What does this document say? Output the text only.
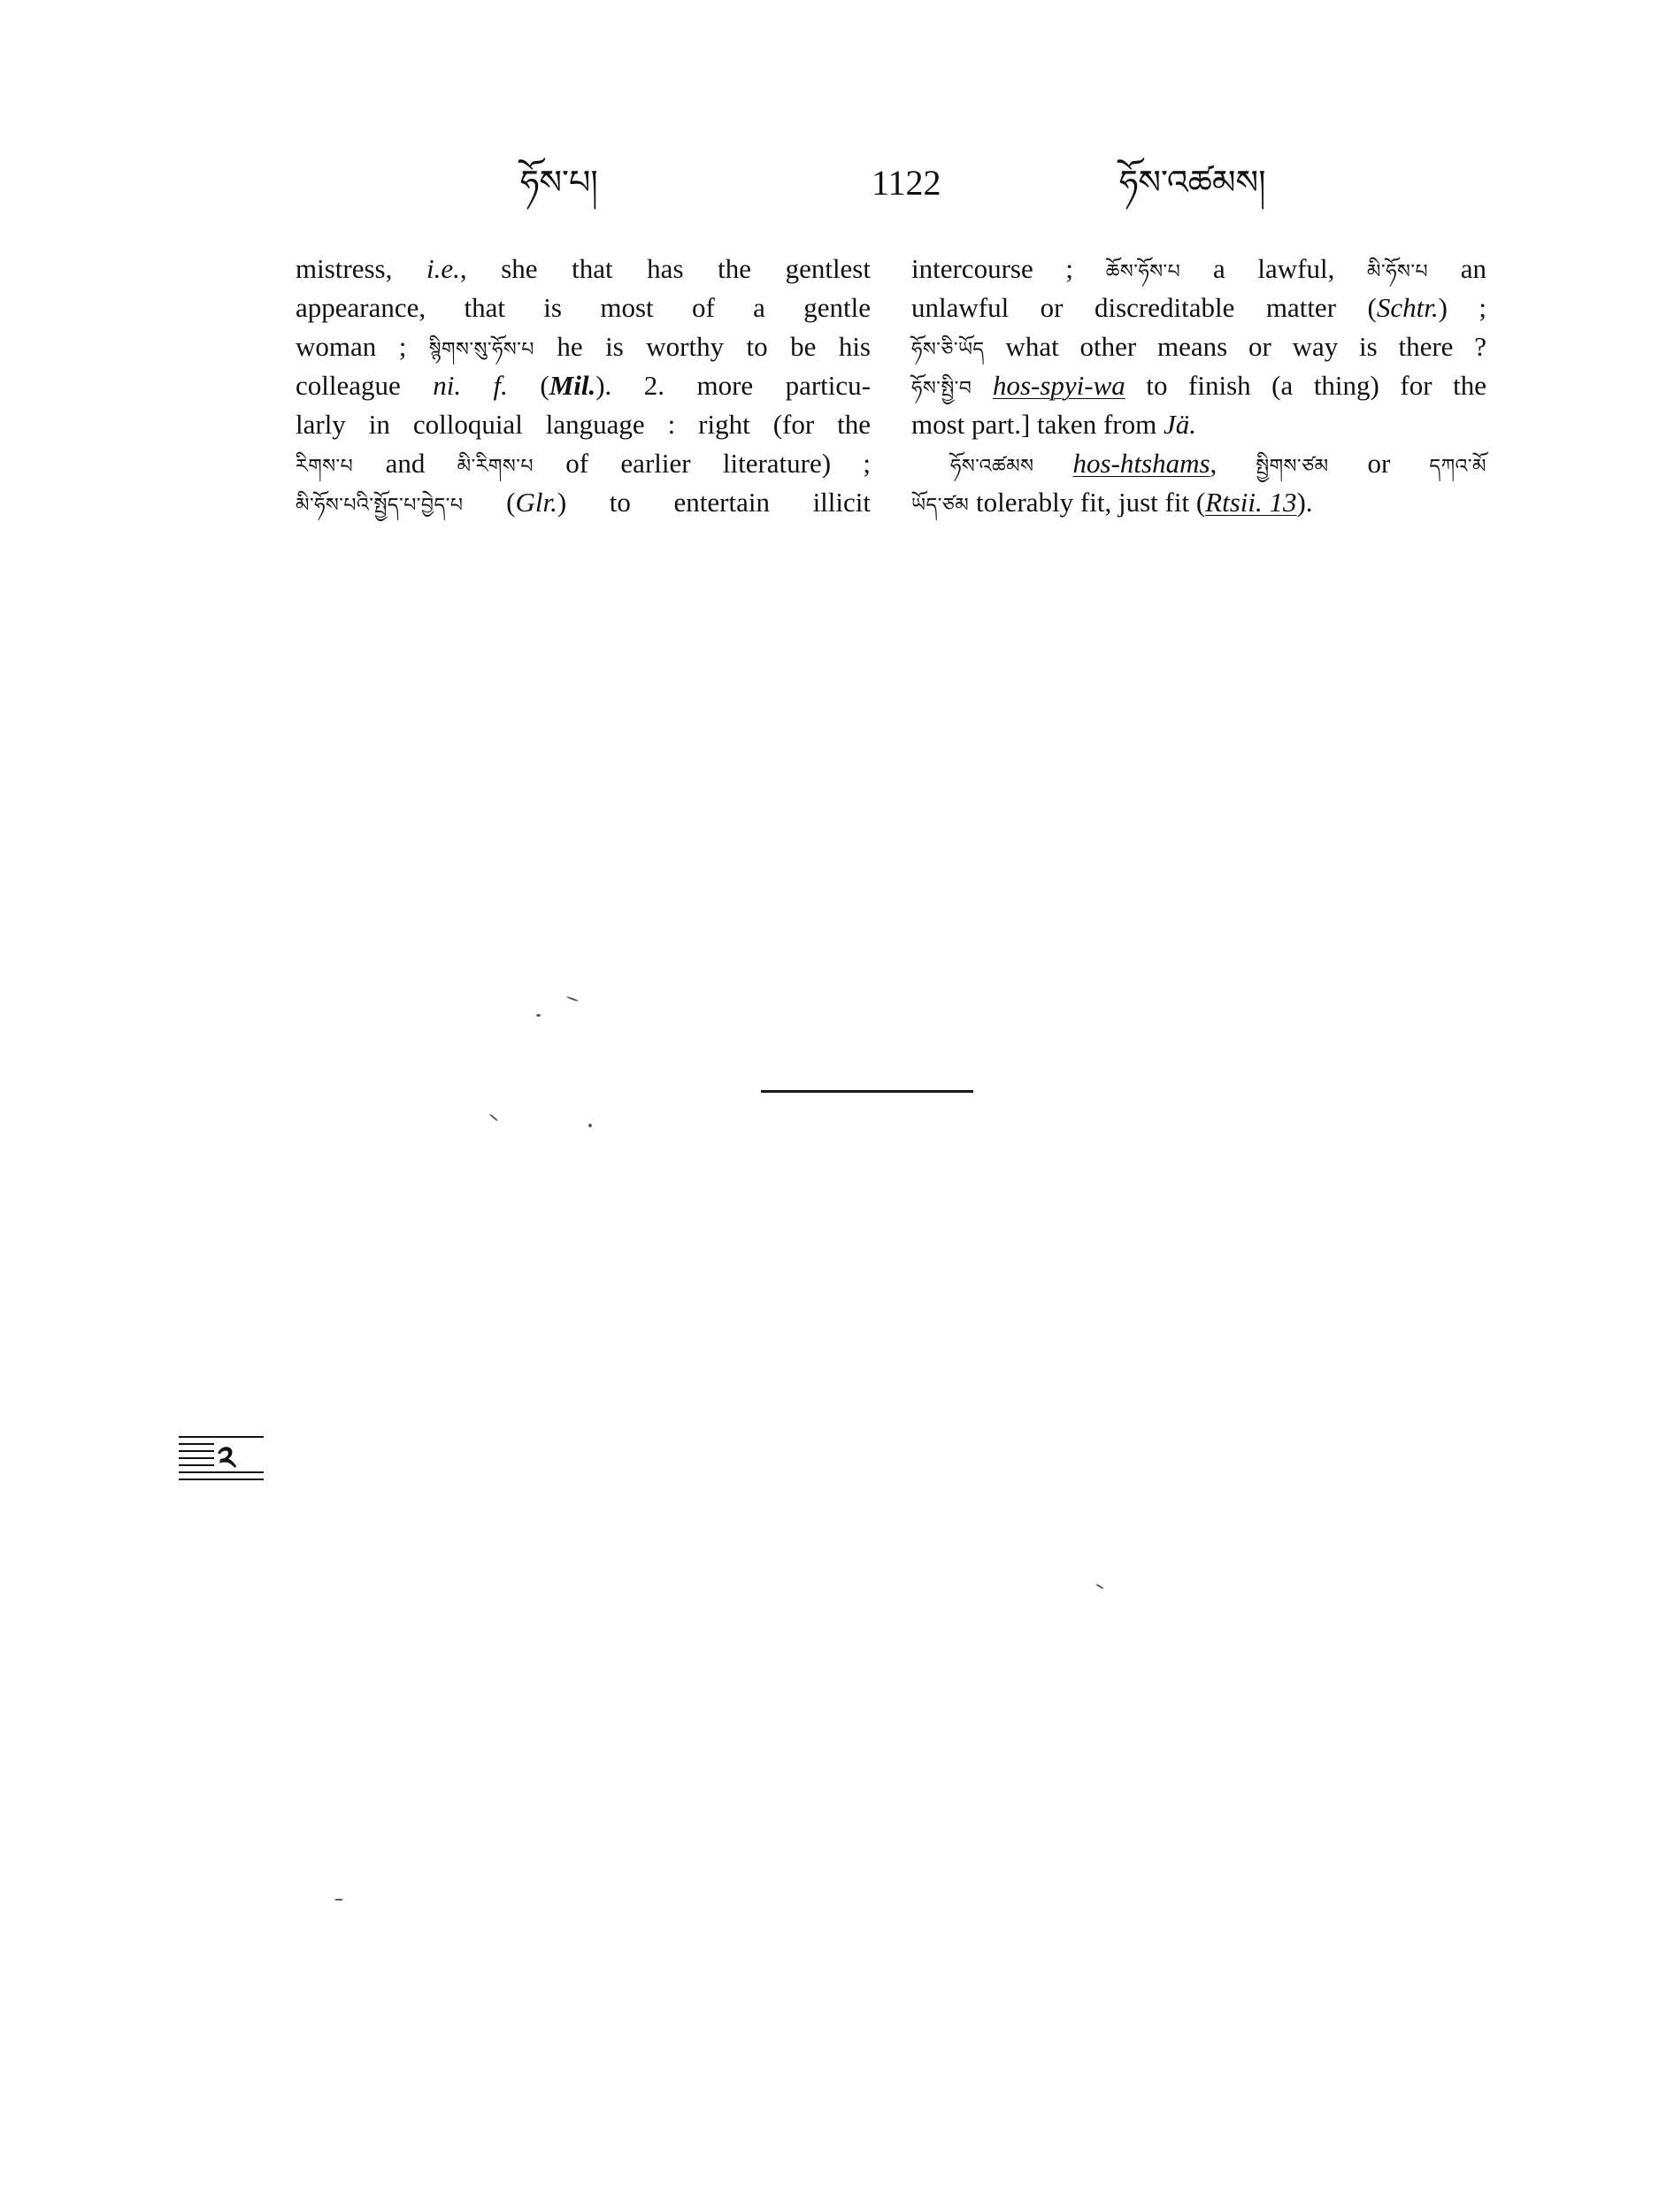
ཧོས་པ།	1122	ཧོས་འཚམས།
mistress, i.e., she that has the gentlest
appearance, that is most of a gentle
woman ; སྙིགས་སུ་ཧོས་པ he is worthy to be his
colleague ni. f. (Mil.). 2. more particu-
larly in colloquial language : right (for the
རིགས་པ and མི་རིགས་པ of earlier literature) ;
མི་ཧོས་པའི་སྤྱོད་པ་བྱེད་པ (Glr.) to entertain illicit
intercourse ; ཆོས་ཧོས་པ a lawful, མི་ཧོས་པ an
unlawful or discreditable matter (Schtr.) ;
ཧོས་ཅི་ཡོད what other means or way is there ?
ཧོས་སྤྱི་བ hos-spyi-wa to finish (a thing) for the
most part.] taken from Jä.
ཧོས་འཚམས hos-htshams, སྤྱིགས་ཙམ or དཀའ་མོ
ཡོད་ཙམ tolerably fit, just fit (Rtsii. 13).
༢
